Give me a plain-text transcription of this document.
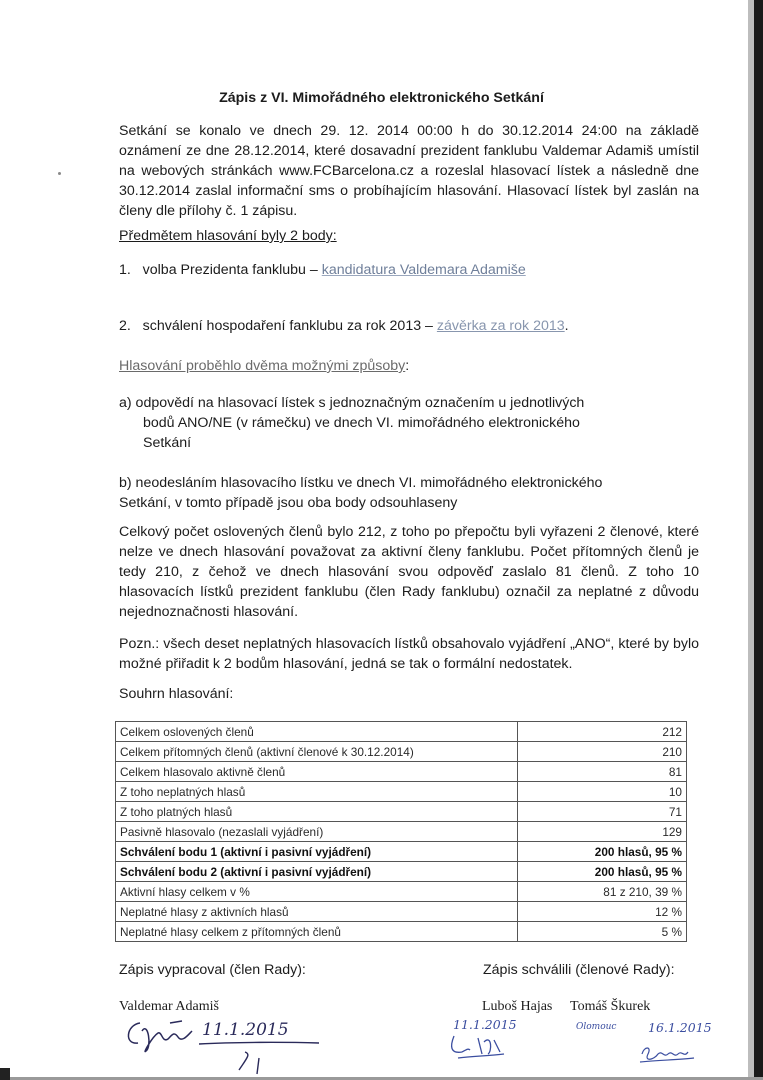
Zápis z VI. Mimořádného elektronického Setkání
Setkání se konalo ve dnech 29. 12. 2014 00:00 h do 30.12.2014 24:00 na základě oznámení ze dne 28.12.2014, které dosavadní prezident fanklubu Valdemar Adamiš umístil na webových stránkách www.FCBarcelona.cz a rozeslal hlasovací lístek a následně dne 30.12.2014 zaslal informační sms o probíhajícím hlasování. Hlasovací lístek byl zaslán na členy dle přílohy č. 1 zápisu.
Předmětem hlasování byly 2 body:
1. volba Prezidenta fanklubu – kandidatura Valdemara Adamiše
2. schválení hospodaření fanklubu za rok 2013 – závěrka za rok 2013.
Hlasování proběhlo dvěma možnými způsoby:
a) odpovědí na hlasovací lístek s jednoznačným označením u jednotlivých
bodů ANO/NE (v rámečku) ve dnech VI. mimořádného elektronického
Setkání
b) neodesláním hlasovacího lístku ve dnech VI. mimořádného elektronického
Setkání, v tomto případě jsou oba body odsouhlaseny
Celkový počet oslovených členů bylo 212, z toho po přepočtu byli vyřazeni 2 členové, které nelze ve dnech hlasování považovat za aktivní členy fanklubu. Počet přítomných členů je tedy 210, z čehož ve dnech hlasování svou odpověď zaslalo 81 členů. Z toho 10 hlasovacích lístků prezident fanklubu (člen Rady fanklubu) označil za neplatné z důvodu nejednoznačnosti hlasování.
Pozn.: všech deset neplatných hlasovacích lístků obsahovalo vyjádření „ANO“, které by bylo možné přiřadit k 2 bodům hlasování, jedná se tak o formální nedostatek.
Souhrn hlasování:
Celkem oslovených členů	212
Celkem přítomných členů (aktivní členové k 30.12.2014)	210
Celkem hlasovalo aktivně členů	81
Z toho neplatných hlasů	10
Z toho platných hlasů	71
Pasivně hlasovalo (nezaslali vyjádření)	129
Schválení bodu 1 (aktivní i pasivní vyjádření)	200 hlasů, 95 %
Schválení bodu 2 (aktivní i pasivní vyjádření)	200 hlasů, 95 %
Aktivní hlasy celkem v %	81 z 210, 39 %
Neplatné hlasy z aktivních hlasů	12 %
Neplatné hlasy celkem z přítomných členů	5 %
Zápis vypracoval (člen Rady):	Zápis schválili (členové Rady):
Valdemar Adamiš	Luboš Hajas Tomáš Škurek
11.1.2015	11.1.2015	Olomouc	16.1.2015
